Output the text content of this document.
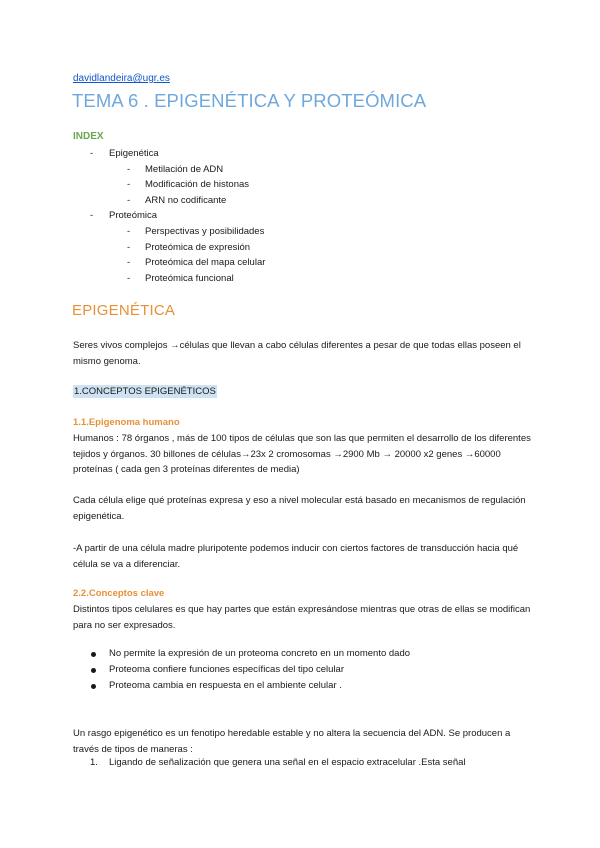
davidlandeira@ugr.es
TEMA 6 . EPIGENÉTICA Y PROTEÓMICA
INDEX
- Epigenética
- Metilación de ADN
- Modificación de histonas
- ARN no codificante
- Proteómica
- Perspectivas y posibilidades
- Proteómica de expresión
- Proteómica del mapa celular
- Proteómica funcional
EPIGENÉTICA
Seres vivos complejos →células que llevan a cabo células diferentes a pesar de que todas ellas poseen el mismo genoma.
1.CONCEPTOS EPIGENÉTICOS
1.1.Epigenoma humano
Humanos : 78 órganos , más de 100 tipos de células que son las que permiten el desarrollo de los diferentes tejidos y órganos. 30 billones de células→23x 2 cromosomas →2900 Mb → 20000 x2 genes →60000 proteínas ( cada gen 3 proteínas diferentes de media)
Cada célula elige qué proteínas expresa y eso a nivel molecular está basado en mecanismos de regulación epigenética.
-A partir de una célula madre pluripotente podemos inducir con ciertos factores de transducción hacia qué célula se va a diferenciar.
2.2.Conceptos clave
Distintos tipos celulares es que hay partes que están expresándose mientras que otras de ellas se modifican para no ser expresados.
No permite la expresión de un proteoma concreto en un momento dado
Proteoma confiere funciones específicas del tipo celular
Proteoma cambia en respuesta en el ambiente celular .
Un rasgo epigenético es un fenotipo heredable estable y no altera la secuencia del ADN. Se producen a través de tipos de maneras :
1. Ligando de señalización que genera una señal en el espacio extracelular .Esta señal
